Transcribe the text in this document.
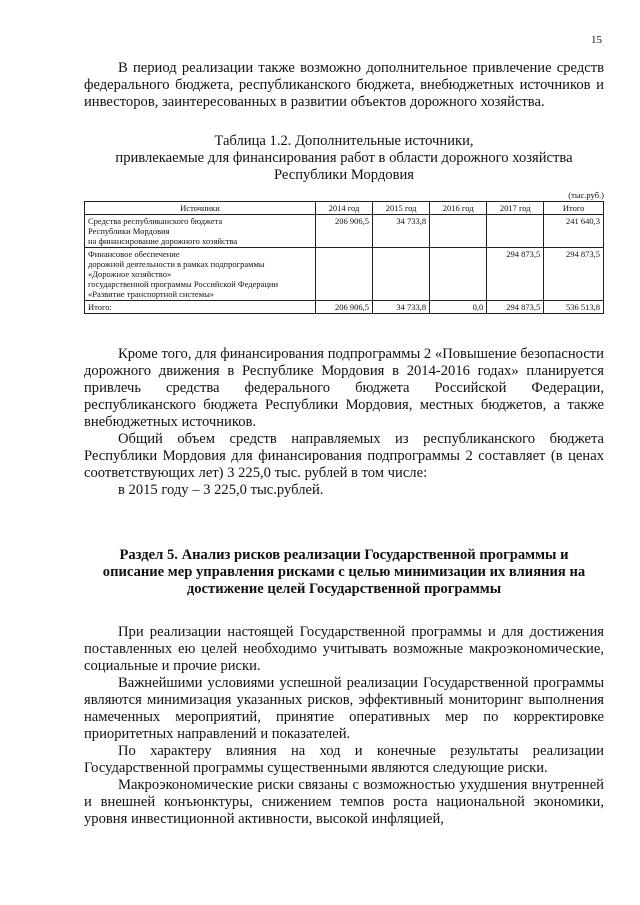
15

В период реализации также возможно дополнительное привлечение средств федерального бюджета, республиканского бюджета, внебюджетных источников и инвесторов, заинтересованных в развитии объектов дорожного хозяйства.

Таблица 1.2. Дополнительные источники,
привлекаемые для финансирования работ в области дорожного хозяйства
Республики Мордовия
(тыс.руб.)
Источники	2014 год	2015 год	2016 год	2017 год	Итого

Средства республиканского бюджета
Республики Мордовия
на финансирование дорожного хозяйства	206 906,5	34 733,8			241 640,3

Финансовое обеспечение
дорожной деятельности в рамках подпрограммы
«Дорожное хозяйство»
государственной программы Российской Федерации
«Развитие транспортной системы»				294 873,5	294 873,5

Итого:	206 906,5	34 733,8	0,0	294 873,5	536 513,8

Кроме того, для финансирования подпрограммы 2 «Повышение безопасности дорожного движения в Республике Мордовия в 2014-2016 годах» планируется привлечь средства федерального бюджета Российской Федерации, республиканского бюджета Республики Мордовия, местных бюджетов, а также внебюджетных источников.

Общий объем средств направляемых из республиканского бюджета Республики Мордовия для финансирования подпрограммы 2 составляет (в ценах соответствующих лет) 3 225,0 тыс. рублей в том числе:

в 2015 году – 3 225,0 тыс.рублей.

Раздел 5. Анализ рисков реализации Государственной программы и
описание мер управления рисками с целью минимизации их влияния на
достижение целей Государственной программы

При реализации настоящей Государственной программы и для достижения поставленных ею целей необходимо учитывать возможные макроэкономические, социальные и прочие риски.

Важнейшими условиями успешной реализации Государственной программы являются минимизация указанных рисков, эффективный мониторинг выполнения намеченных мероприятий, принятие оперативных мер по корректировке приоритетных направлений и показателей.

По характеру влияния на ход и конечные результаты реализации Государственной программы существенными являются следующие риски.

Макроэкономические риски связаны с возможностью ухудшения внутренней и внешней конъюнктуры, снижением темпов роста национальной экономики, уровня инвестиционной активности, высокой инфляцией,
